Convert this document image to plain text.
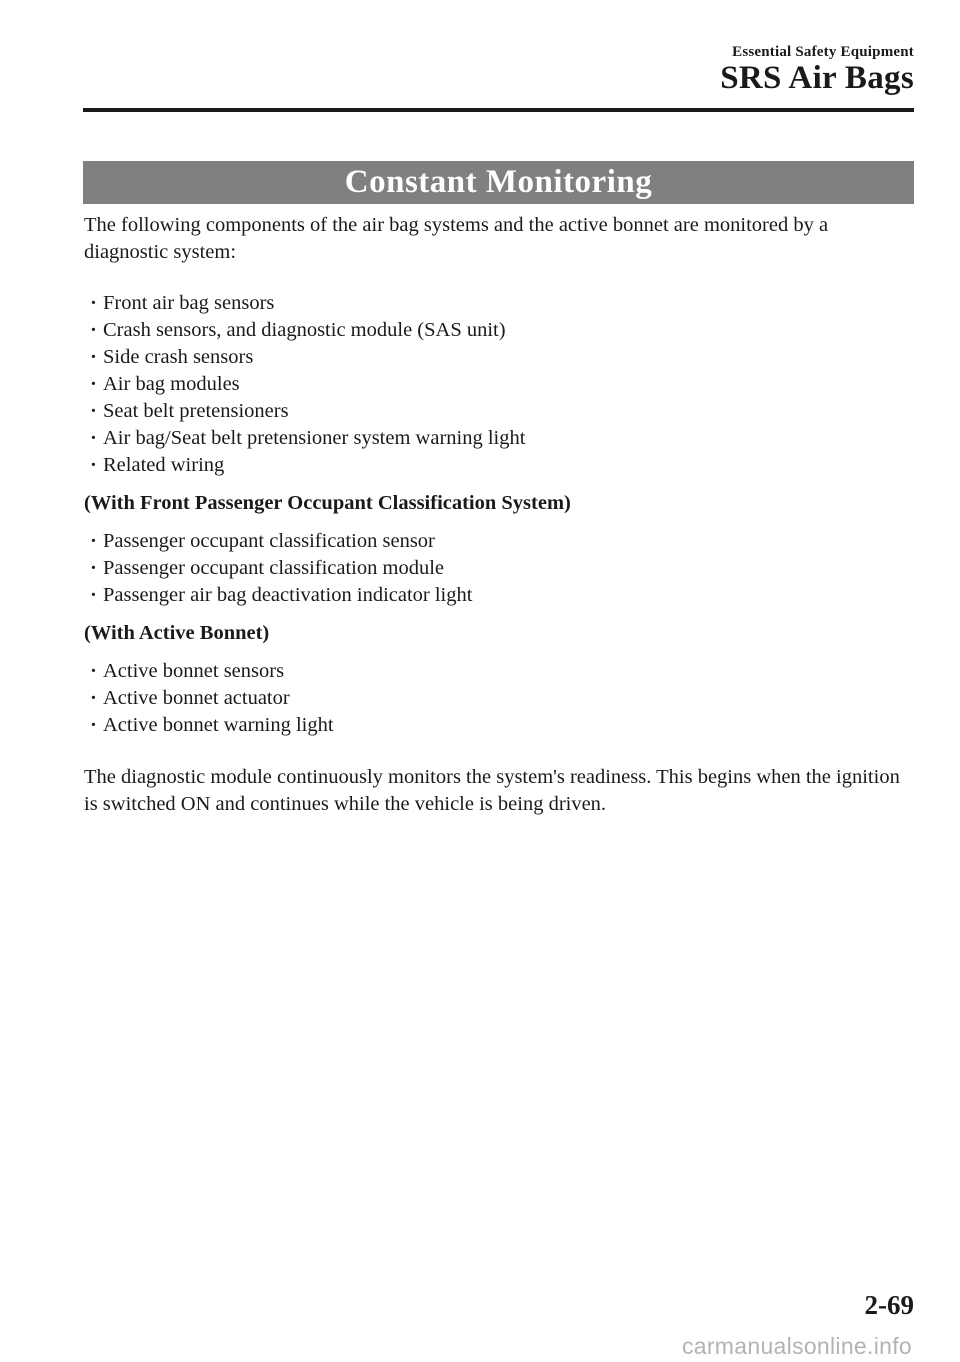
Essential Safety Equipment
SRS Air Bags
Constant Monitoring

The following components of the air bag systems and the active bonnet are monitored by a diagnostic system:

· Front air bag sensors
· Crash sensors, and diagnostic module (SAS unit)
· Side crash sensors
· Air bag modules
· Seat belt pretensioners
· Air bag/Seat belt pretensioner system warning light
· Related wiring

(With Front Passenger Occupant Classification System)

· Passenger occupant classification sensor
· Passenger occupant classification module
· Passenger air bag deactivation indicator light

(With Active Bonnet)

· Active bonnet sensors
· Active bonnet actuator
· Active bonnet warning light

The diagnostic module continuously monitors the system's readiness. This begins when the ignition is switched ON and continues while the vehicle is being driven.

2-69
carmanualsonline.info
